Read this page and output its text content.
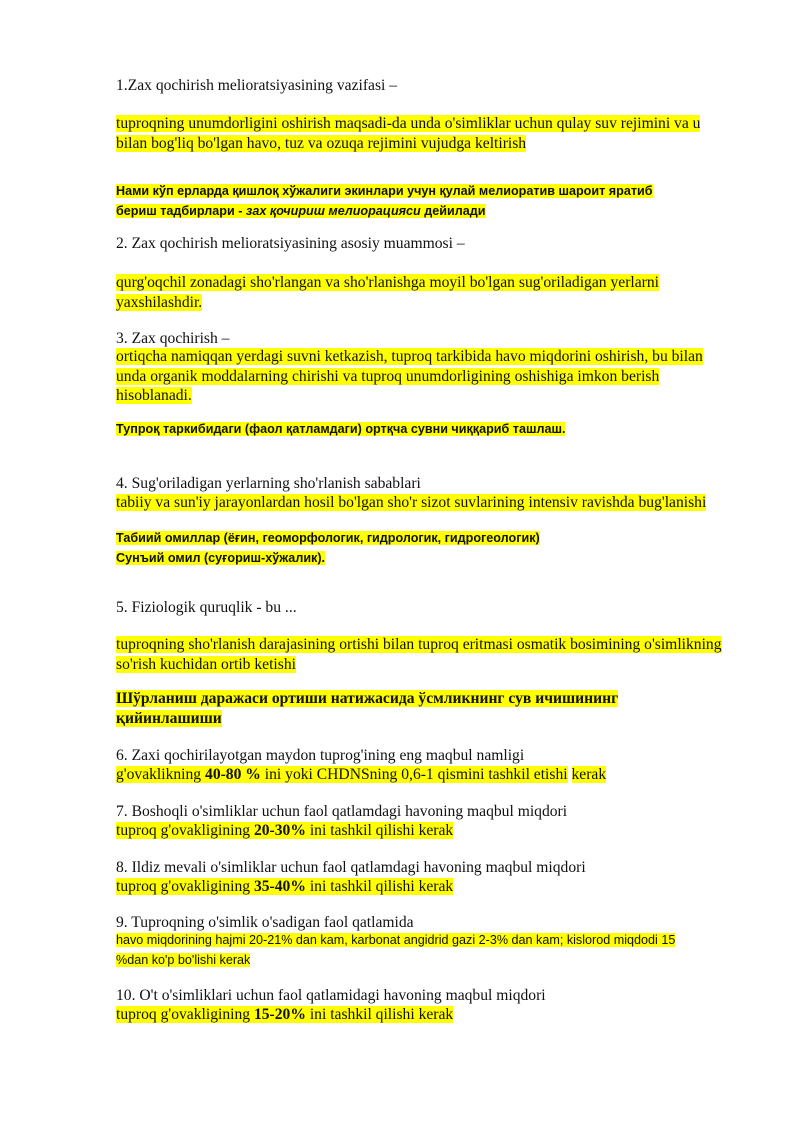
1.Zax qochirish melioratsiyasining vazifasi –
tuproqning unumdorligini oshirish maqsadi-da unda o'simliklar uchun qulay suv rejimini va u
bilan bog'liq bo'lgan havo, tuz va ozuqa rejimini vujudga keltirish
Нами кўп ерларда қишлоқ хўжалиги экинлари учун қулай мелиоратив шароит яратиб
бериш тадбирлари - зах қочириш мелиорацияси дейилади
2. Zax qochirish melioratsiyasining asosiy muammosi –
qurg'oqchil zonadagi sho'rlangan va sho'rlanishga moyil bo'lgan sug'oriladigan yerlarni
yaxshilashdir.
3. Zax qochirish –
ortiqcha namiqqan yerdagi suvni ketkazish, tuproq tarkibida havo miqdorini oshirish, bu bilan
unda organik moddalarning chirishi va tuproq unumdorligining oshishiga imkon berish
hisoblanadi.
Тупроқ таркибидаги (фаол қатламдаги) ортқча сувни чиққариб ташлаш.
4. Sug'oriladigan yerlarning sho'rlanish sabablari
tabiiy va sun'iy jarayonlardan hosil bo'lgan sho'r sizot suvlarining intensiv ravishda bug'lanishi
Табиий омиллар (ёғин, геоморфологик, гидрологик, гидрогеологик)
Сунъий омил (суғориш-хўжалик).
5. Fiziologik quruqlik - bu ...
tuproqning sho'rlanish darajasining ortishi bilan tuproq eritmasi osmatik bosimining o'simlikning
so'rish kuchidan ortib ketishi
Шўрланиш даражаси ортиши натижасида ўсмликнинг сув ичишининг
қийинлашиши
6. Zaxi qochirilayotgan maydon tuprog'ining eng maqbul namligi
g'ovaklikning 40-80 % ini yoki CHDNSning 0,6-1 qismini tashkil etishi kerak
7. Boshoqli o'simliklar uchun faol qatlamdagi havoning maqbul miqdori
tuproq g'ovakligining 20-30% ini tashkil qilishi kerak
8. Ildiz mevali o'simliklar uchun faol qatlamdagi havoning maqbul miqdori
tuproq g'ovakligining 35-40% ini tashkil qilishi kerak
9. Tuproqning o'simlik o'sadigan faol qatlamida
havo miqdorining hajmi 20-21% dan kam, karbonat angidrid gazi 2-3% dan kam; kislorod miqdodi 15
%dan ko'p bo'lishi kerak
10. O't o'simliklari uchun faol qatlamidagi havoning maqbul miqdori
tuproq g'ovakligining 15-20% ini tashkil qilishi kerak
